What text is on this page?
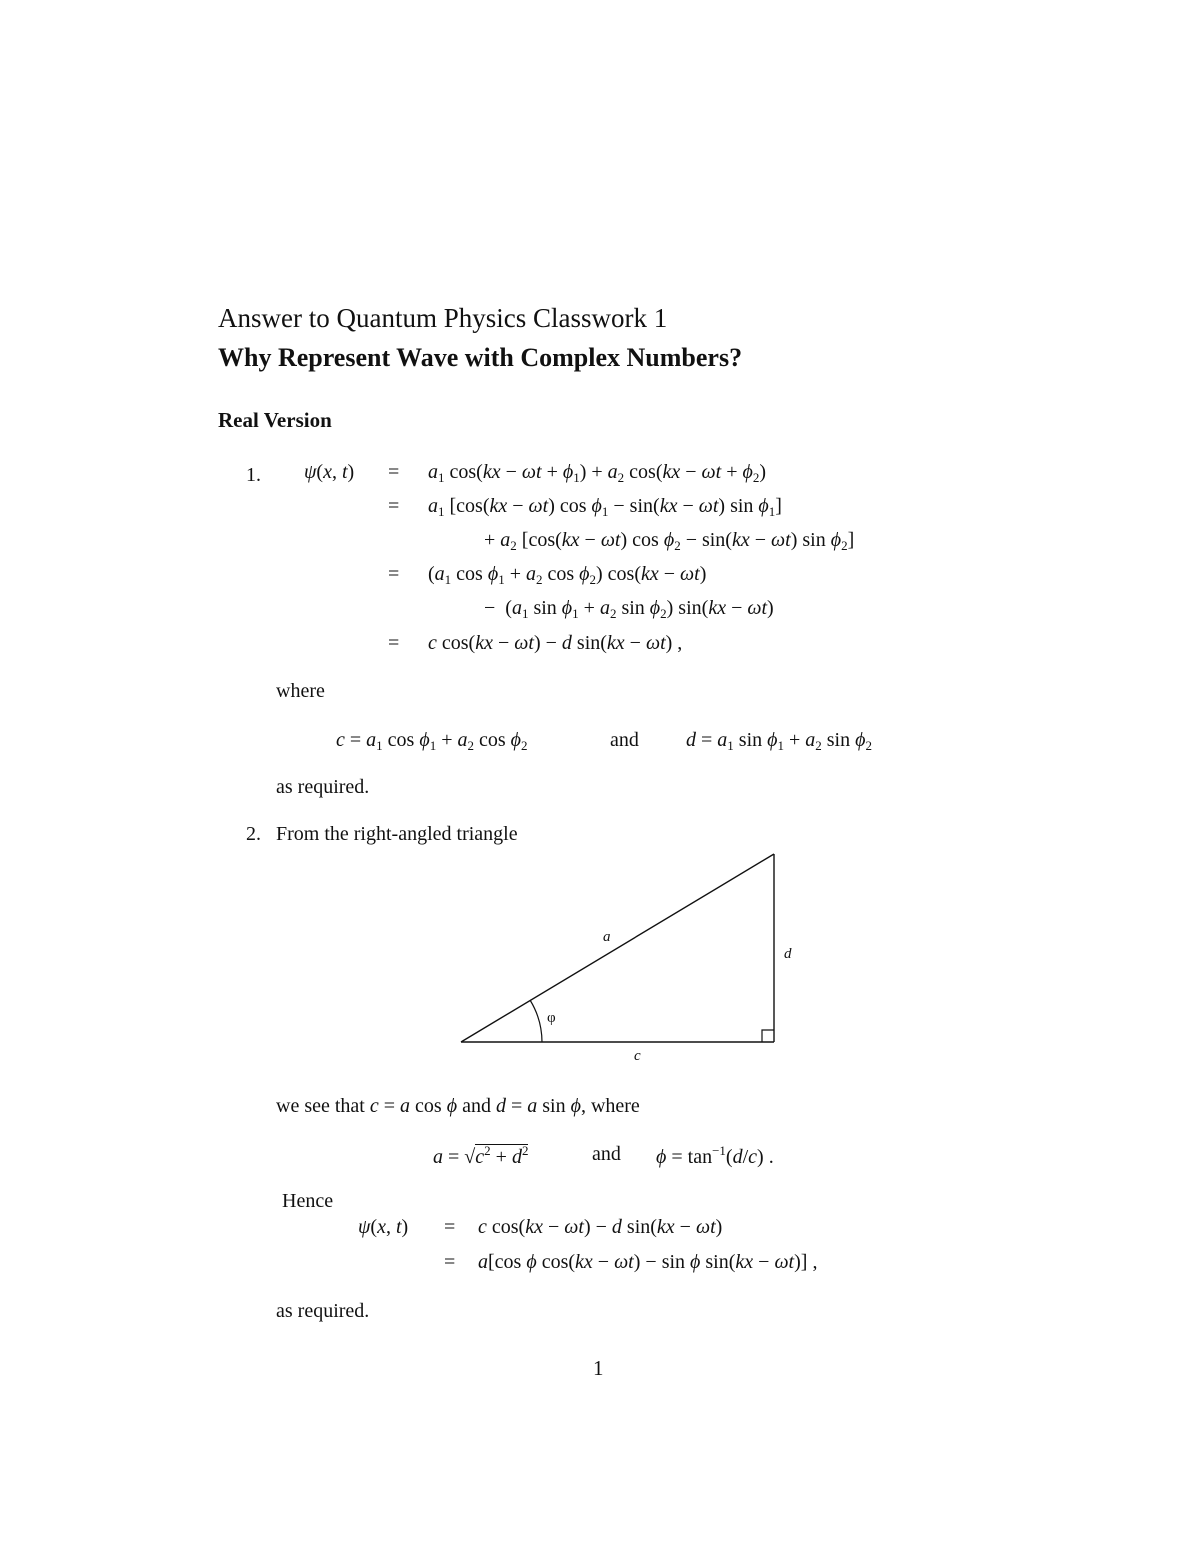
Answer to Quantum Physics Classwork 1
Why Represent Wave with Complex Numbers?
Real Version
1. ψ(x, $t) = a_1$ $\cos(kx - \omega t + \phi_1) + a_2$ $\cos(kx - \omega t + \phi_2)$
= $a_1$ [cos(kx − ωt) $\cos \phi_1 - \sin(kx - \omega t)$ $\sin \phi_1$]
+ $a_2$ [cos(kx − ωt) $\cos \phi_2 - \sin(kx - \omega t)$ $\sin \phi_2$]
= ($a_1$ $\cos \phi_1 + a_2$ $\cos \phi_2$) cos(kx − ωt)
−  ($a_1$ $\sin \phi_1 + a_2$ $\sin \phi_2$) sin(kx − ωt)
= c cos(kx − ωt) − d sin(kx − ωt) ,
where
$c = a_1$ $\cos \phi_1 + a_2$ $\cos \phi_2$	and $d = a_1$ $\sin \phi_1 + a_2$ $\sin \phi_2$
as required.
2. From the right-angled triangle
a
d
c
φ
we see that c = a cos ϕ and d = a sin ϕ, where
$a = √c^2 + d^2$	and $\phi = \tan^{-1}(d/c)$ .
Hence
ψ(x, t) = c cos(kx − ωt) − d sin(kx − ωt)
= a[cos ϕ cos(kx − ωt) − sin ϕ sin(kx − ωt)] ,
as required.
1
